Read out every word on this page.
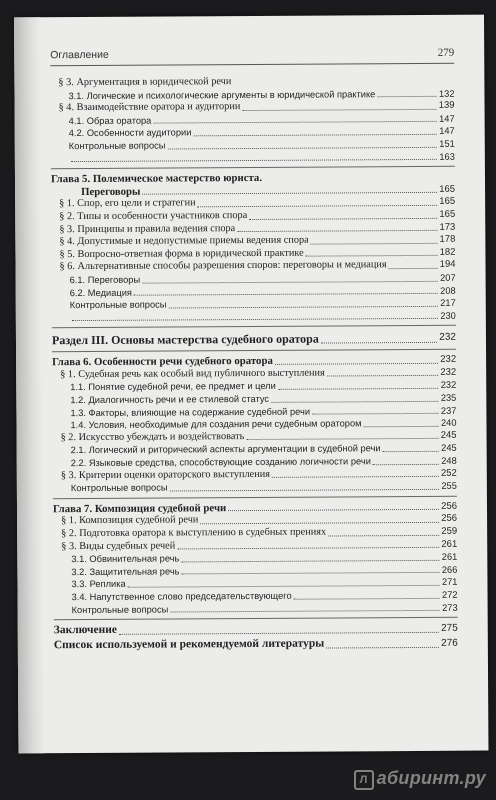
Оглавление	279
§ 3. Аргументация в юридической речи
3.1. Логические и психологические аргументы в юридической практике	132
§ 4. Взаимодействие оратора и аудитории	139
4.1. Образ оратора	147
4.2. Особенности аудитории	147
Контрольные вопросы	151
163
Глава 5. Полемическое мастерство юриста.
Переговоры	165
§ 1. Спор, его цели и стратегии	165
§ 2. Типы и особенности участников спора	165
§ 3. Принципы и правила ведения спора	173
§ 4. Допустимые и недопустимые приемы ведения спора	178
§ 5. Вопросно-ответная форма в юридической практике	182
§ 6. Альтернативные способы разрешения споров: переговоры и медиация	194
6.1. Переговоры	207
6.2. Медиация	208
Контрольные вопросы	217
230
Раздел III. Основы мастерства судебного оратора	232
Глава 6. Особенности речи судебного оратора	232
§ 1. Судебная речь как особый вид публичного выступления	232
1.1. Понятие судебной речи, ее предмет и цели	232
1.2. Диалогичность речи и ее стилевой статус	235
1.3. Факторы, влияющие на содержание судебной речи	237
1.4. Условия, необходимые для создания речи судебным оратором	240
§ 2. Искусство убеждать и воздействовать	245
2.1. Логический и риторический аспекты аргументации в судебной речи	245
2.2. Языковые средства, способствующие созданию логичности речи	248
§ 3. Критерии оценки ораторского выступления	252
Контрольные вопросы	255
Глава 7. Композиция судебной речи	256
§ 1. Композиция судебной речи	256
§ 2. Подготовка оратора к выступлению в судебных прениях	259
§ 3. Виды судебных речей	261
3.1. Обвинительная речь	261
3.2. Защитительная речь	266
3.3. Реплика	271
3.4. Напутственное слово председательствующего	272
Контрольные вопросы	273
Заключение	275
Список используемой и рекомендуемой литературы	276
Л абиринт.ру
